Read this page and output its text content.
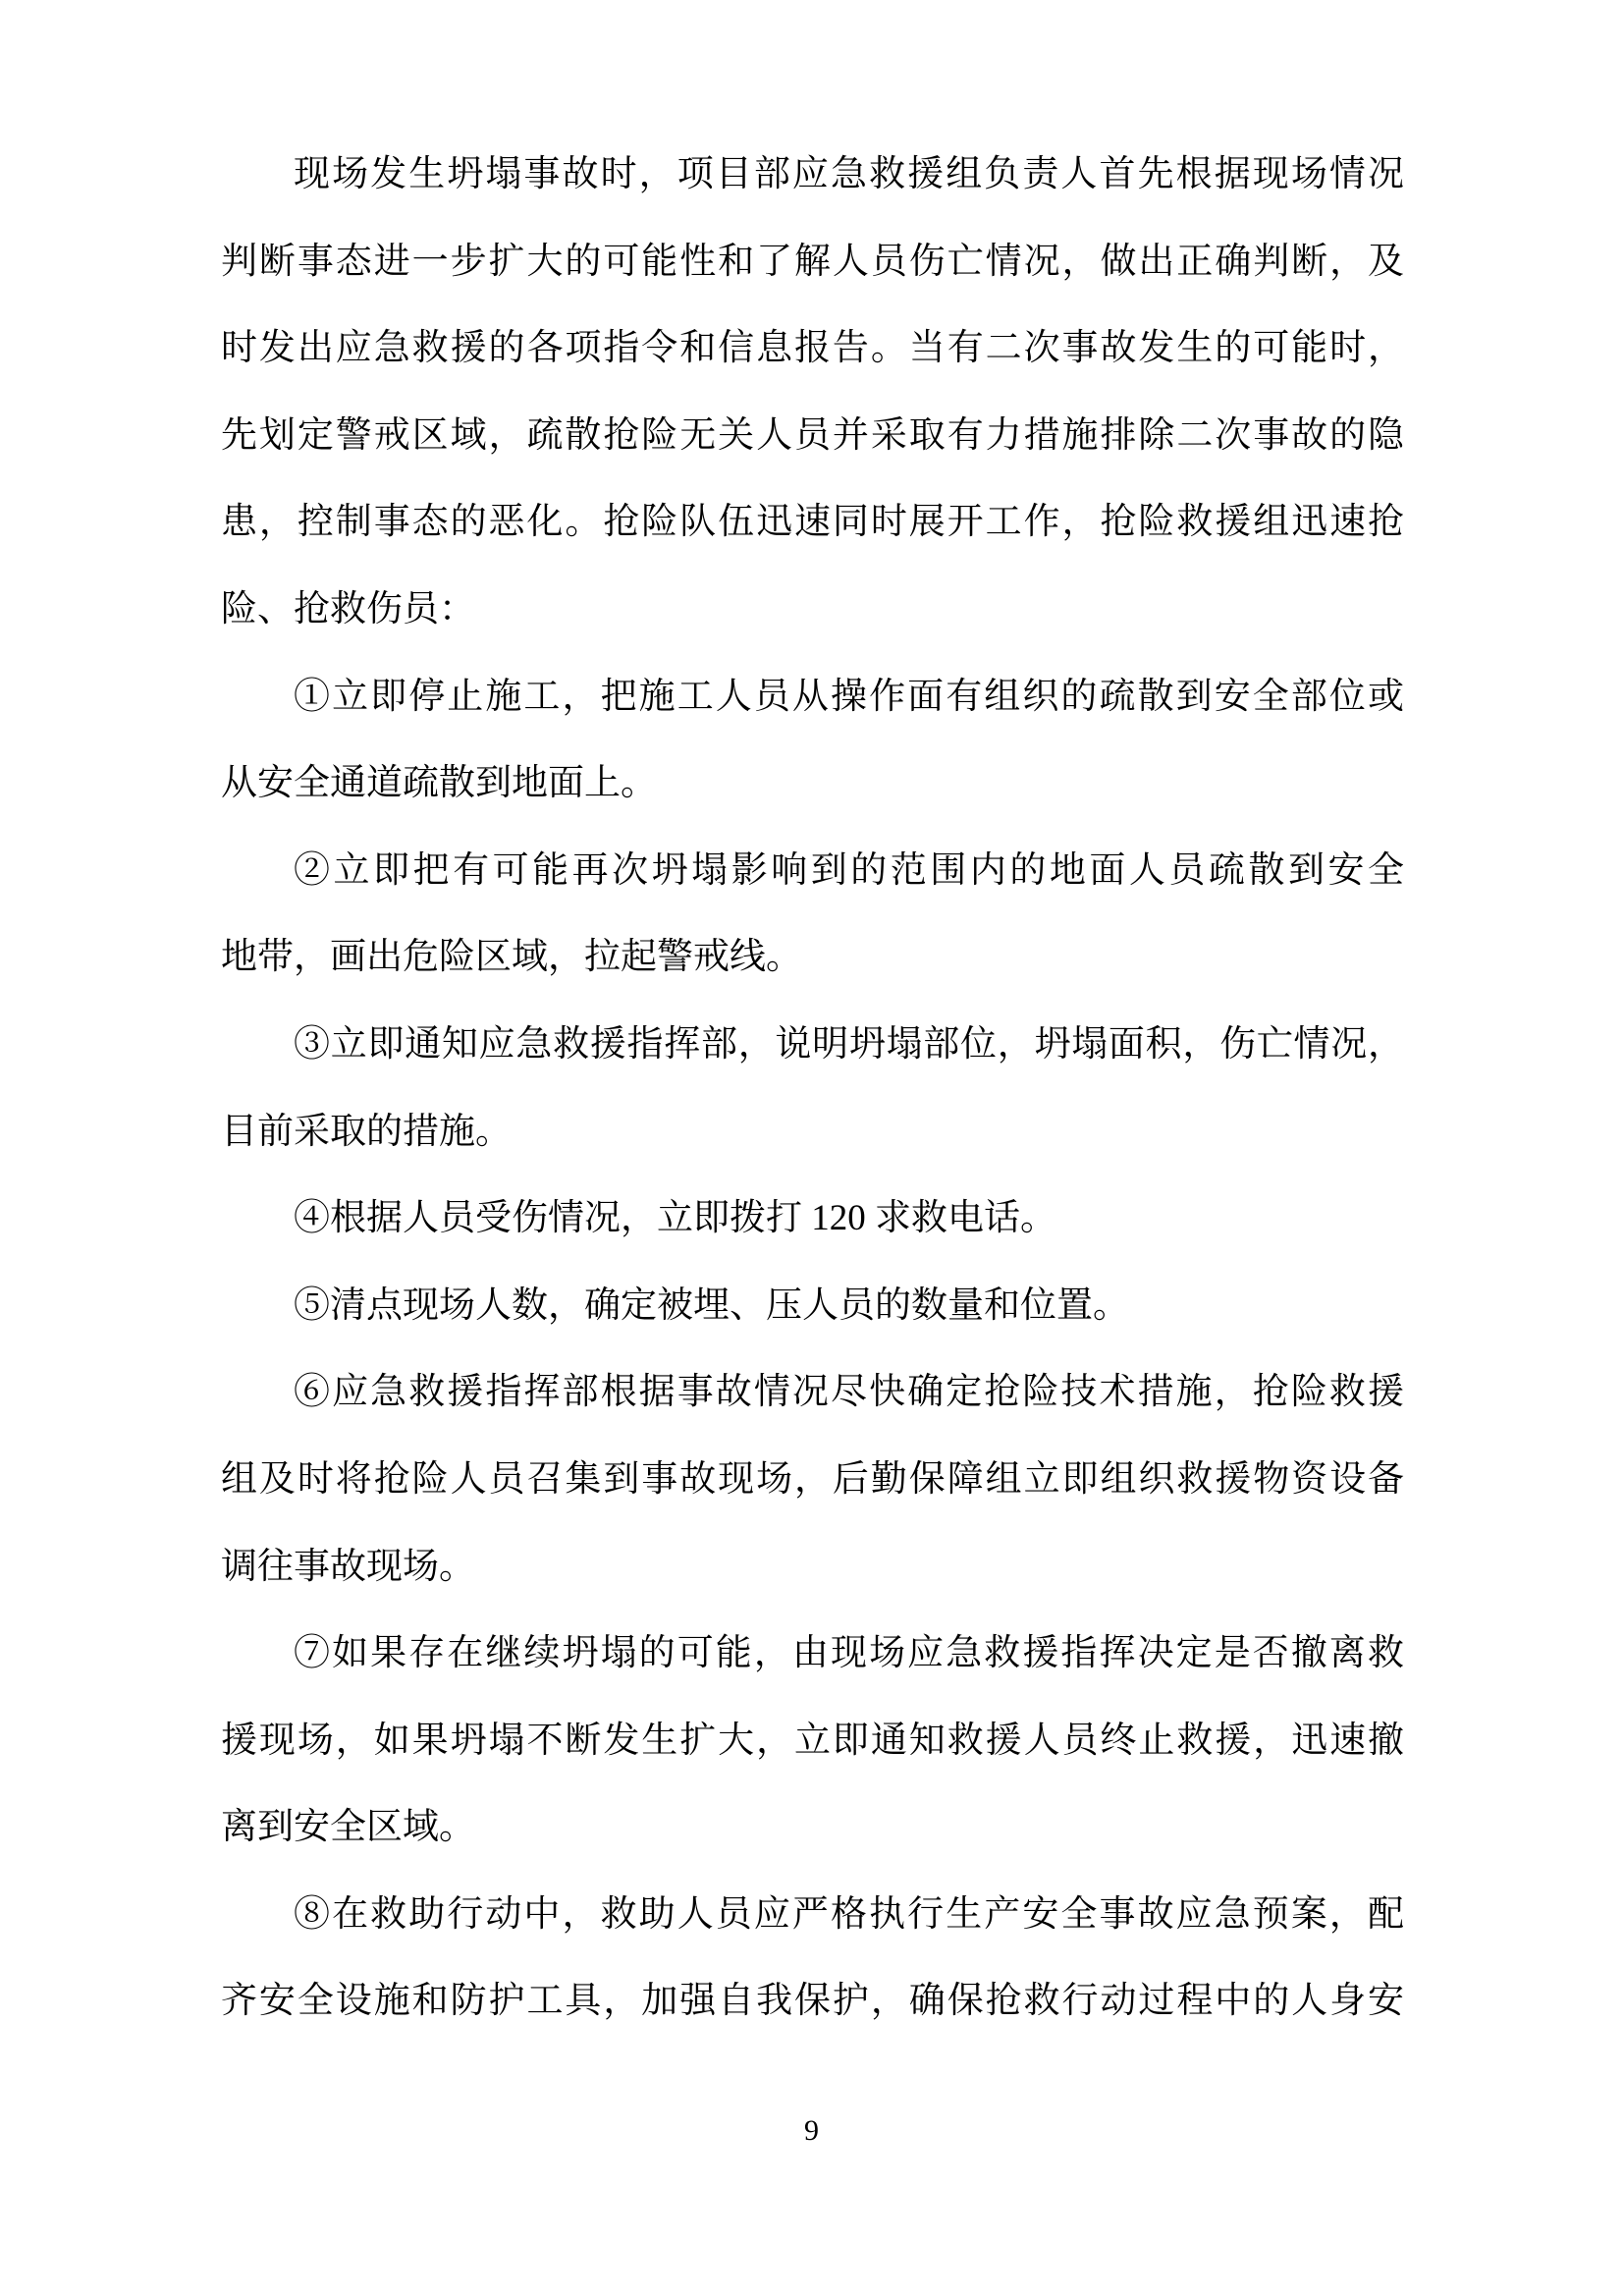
现场发生坍塌事故时，项目部应急救援组负责人首先根据现场情况
判断事态进一步扩大的可能性和了解人员伤亡情况，做出正确判断，及
时发出应急救援的各项指令和信息报告。当有二次事故发生的可能时，
先划定警戒区域，疏散抢险无关人员并采取有力措施排除二次事故的隐
患，控制事态的恶化。抢险队伍迅速同时展开工作，抢险救援组迅速抢
险、抢救伤员：

①立即停止施工，把施工人员从操作面有组织的疏散到安全部位或
从安全通道疏散到地面上。

②立即把有可能再次坍塌影响到的范围内的地面人员疏散到安全
地带，画出危险区域，拉起警戒线。

③立即通知应急救援指挥部，说明坍塌部位，坍塌面积，伤亡情况，
目前采取的措施。

④根据人员受伤情况，立即拨打 120 求救电话。

⑤清点现场人数，确定被埋、压人员的数量和位置。

⑥应急救援指挥部根据事故情况尽快确定抢险技术措施，抢险救援
组及时将抢险人员召集到事故现场，后勤保障组立即组织救援物资设备
调往事故现场。

⑦如果存在继续坍塌的可能，由现场应急救援指挥决定是否撤离救
援现场，如果坍塌不断发生扩大，立即通知救援人员终止救援，迅速撤
离到安全区域。

⑧在救助行动中，救助人员应严格执行生产安全事故应急预案，配
齐安全设施和防护工具，加强自我保护，确保抢救行动过程中的人身安

9
